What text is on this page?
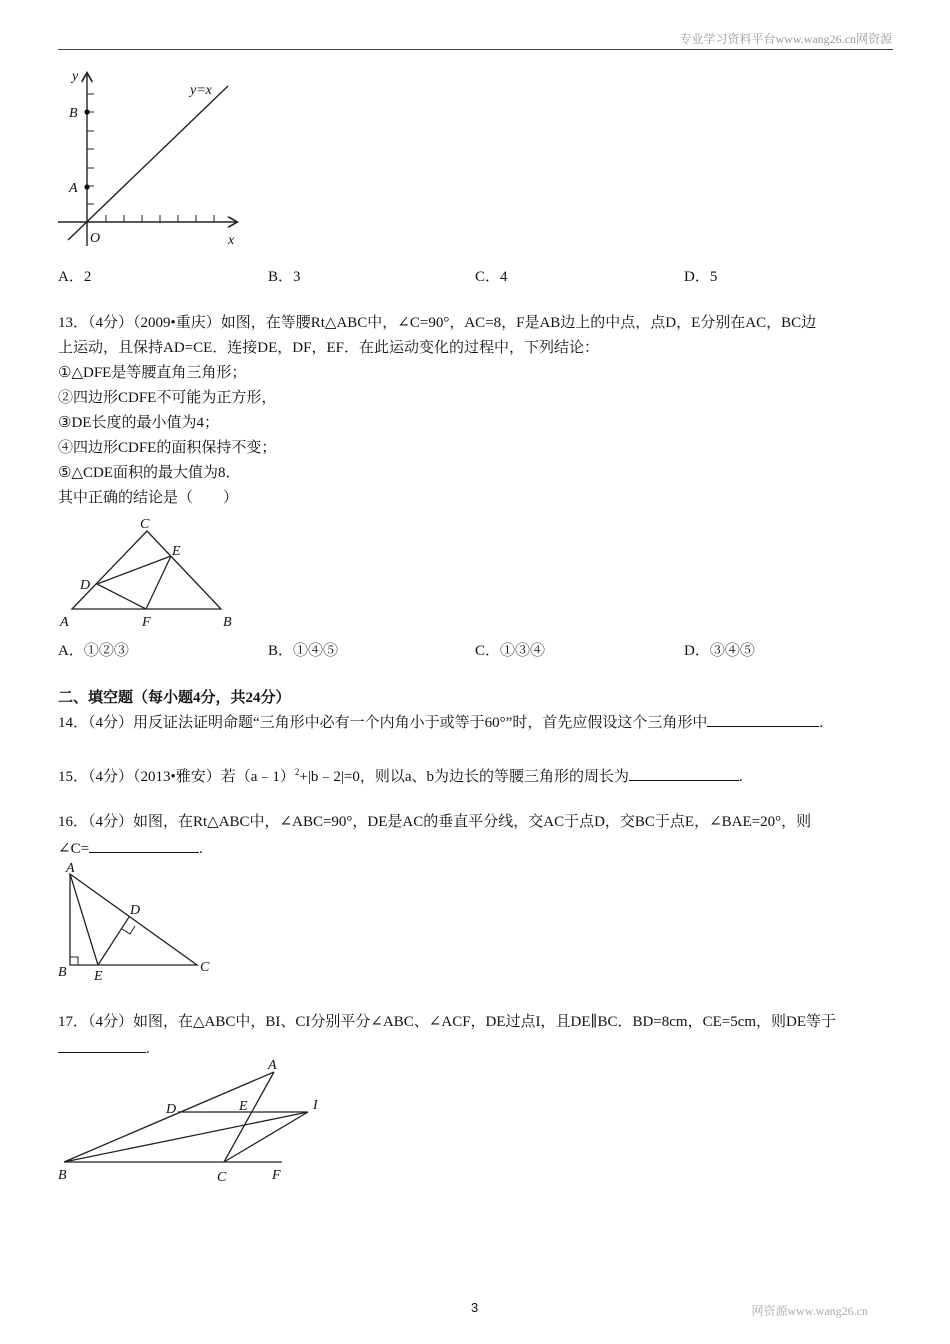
专业学习资料平台www.wang26.cn网资源
y
B
A
O	x
y=x
A．2	B．3	C．4	D．5
13．（4分）（2009•重庆）如图，在等腰Rt△ABC中，∠C=90°，AC=8，F是AB边上的中点，点D，E分别在AC，BC边
上运动，且保持AD=CE．连接DE，DF，EF．在此运动变化的过程中，下列结论：
①△DFE是等腰直角三角形；
②四边形CDFE不可能为正方形，
③DE长度的最小值为4；
④四边形CDFE的面积保持不变；
⑤△CDE面积的最大值为8．
其中正确的结论是（　　）
C
E
D
A	F	B
A．①②③	B．①④⑤	C．①③④	D．③④⑤
二、填空题（每小题4分，共24分）
14．（4分）用反证法证明命题“三角形中必有一个内角小于或等于60°”时，首先应假设这个三角形中	.
15．（4分）（2013•雅安）若（a﹣1）$^2$+|b﹣2|=0，则以a、b为边长的等腰三角形的周长为	.
16．（4分）如图，在Rt△ABC中，∠ABC=90°，DE是AC的垂直平分线，交AC于点D，交BC于点E，∠BAE=20°，则
∠C=	.
A
D
B E
C
17．（4分）如图，在△ABC中，BI、CI分别平分∠ABC、∠ACF，DE过点I，且DE∥BC．BD=8cm，CE=5cm，则DE等于
.
A
D	E	I
B	C	F
3	网资源www.wang26.cn
